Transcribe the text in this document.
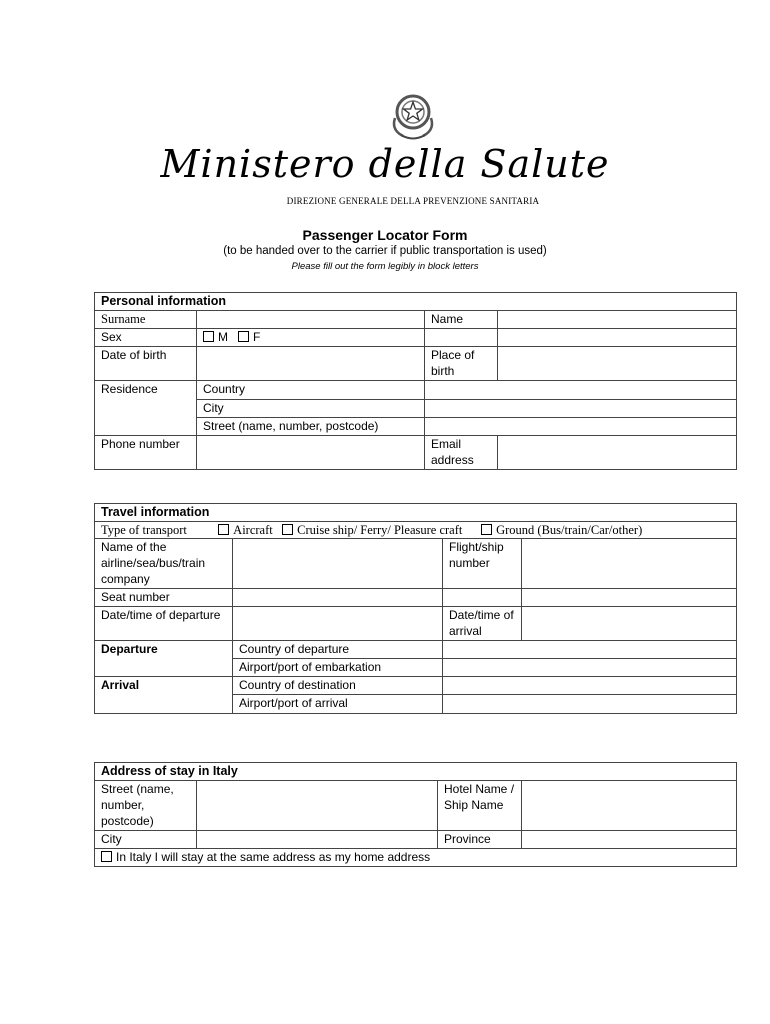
Ministero della Salute
DIREZIONE GENERALE DELLA PREVENZIONE SANITARIA
Passenger Locator Form
(to be handed over to the carrier if public transportation is used)
Please fill out the form legibly in block letters
Personal information			
Surname		Name	
Sex	M F		
Date of birth		Place of birth	
Residence	Country		
	City		
	Street (name, number, postcode)		
Phone number		Email address	
Travel information			
Type of transport Aircraft Cruise ship/ Ferry/ Pleasure craft Ground (Bus/train/Car/other)			
Name of the airline/sea/bus/train company		Flight/ship number	
Seat number			
Date/time of departure		Date/time of arrival	
Departure	Country of departure		
	Airport/port of embarkation		
Arrival	Country of destination		
	Airport/port of arrival		
Address of stay in Italy			
Street (name, number, postcode)		Hotel Name / Ship Name	
City		Province	
In Italy I will stay at the same address as my home address			
